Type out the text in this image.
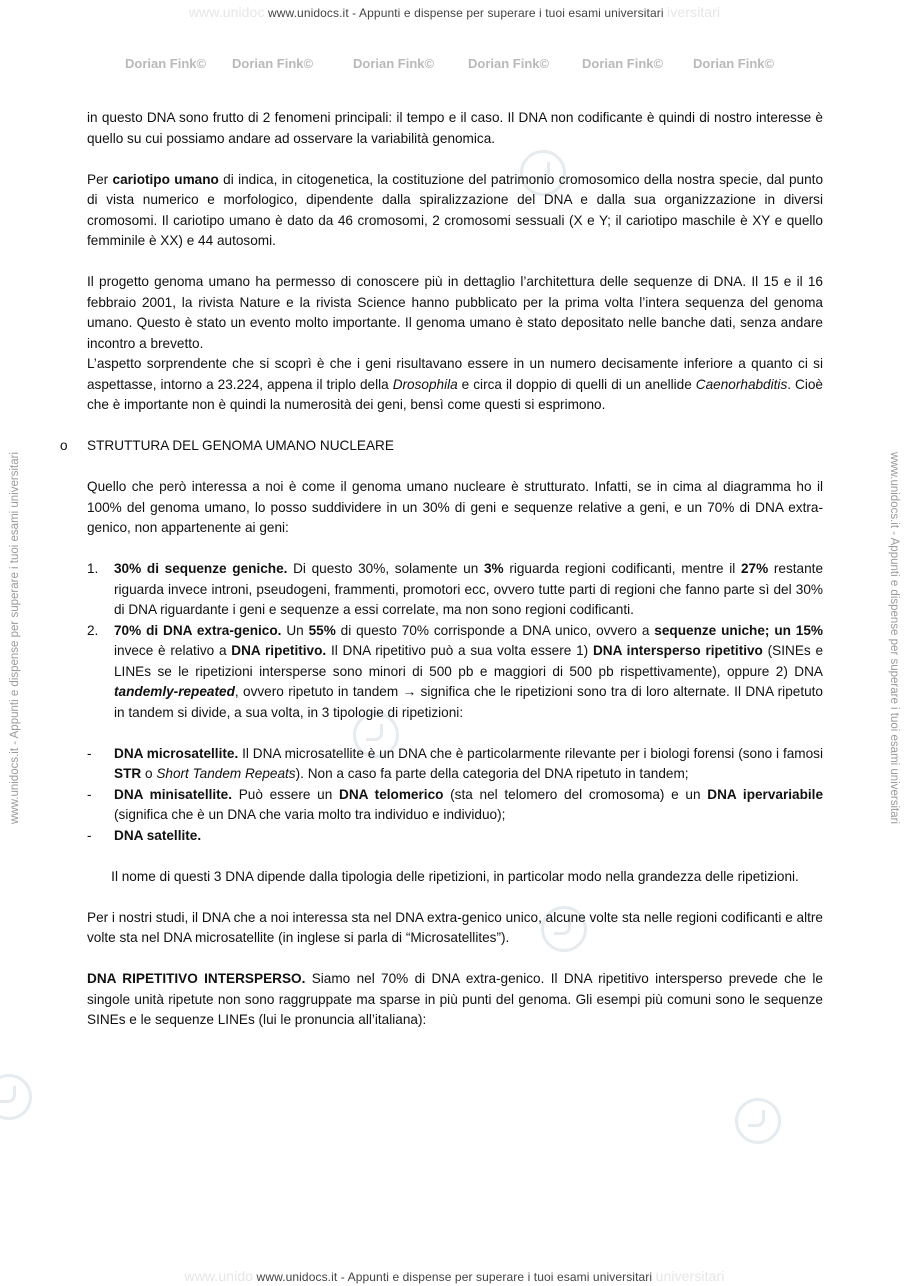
www.unidoc www.unidocs.it - Appunti e dispense per superare i tuoi esami universitari iversitari
Dorian Fink© Dorian Fink©	Dorian Fink©	Dorian Fink©	Dorian Fink© Dorian Fink©
www.unidocs.it - Appunti e dispense per superare i tuoi esami universitari	www.unidocs.it - Appunti e dispense per superare i tuoi esami universitari

in questo DNA sono frutto di 2 fenomeni principali: il tempo e il caso. Il DNA non codificante è quindi di nostro interesse è quello su cui possiamo andare ad osservare la variabilità genomica.

Per cariotipo umano di indica, in citogenetica, la costituzione del patrimonio cromosomico della nostra specie, dal punto di vista numerico e morfologico, dipendente dalla spiralizzazione del DNA e dalla sua organizzazione in diversi cromosomi. Il cariotipo umano è dato da 46 cromosomi, 2 cromosomi sessuali (X e Y; il cariotipo maschile è XY e quello femminile è XX) e 44 autosomi.

Il progetto genoma umano ha permesso di conoscere più in dettaglio l’architettura delle sequenze di DNA. Il 15 e il 16 febbraio 2001, la rivista Nature e la rivista Science hanno pubblicato per la prima volta l’intera sequenza del genoma umano. Questo è stato un evento molto importante. Il genoma umano è stato depositato nelle banche dati, senza andare incontro a brevetto.

L’aspetto sorprendente che si scoprì è che i geni risultavano essere in un numero decisamente inferiore a quanto ci si aspettasse, intorno a 23.224, appena il triplo della Drosophila e circa il doppio di quelli di un anellide Caenorhabditis. Cioè che è importante non è quindi la numerosità dei geni, bensì come questi si esprimono.

o STRUTTURA DEL GENOMA UMANO NUCLEARE

Quello che però interessa a noi è come il genoma umano nucleare è strutturato. Infatti, se in cima al diagramma ho il 100% del genoma umano, lo posso suddividere in un 30% di geni e sequenze relative a geni, e un 70% di DNA extra-genico, non appartenente ai geni:

1. 30% di sequenze geniche. Di questo 30%, solamente un 3% riguarda regioni codificanti, mentre il 27% restante riguarda invece introni, pseudogeni, frammenti, promotori ecc, ovvero tutte parti di regioni che fanno parte sì del 30% di DNA riguardante i geni e sequenze a essi correlate, ma non sono regioni codificanti.
2. 70% di DNA extra-genico. Un 55% di questo 70% corrisponde a DNA unico, ovvero a sequenze uniche; un 15% invece è relativo a DNA ripetitivo. Il DNA ripetitivo può a sua volta essere 1) DNA intersperso ripetitivo (SINEs e LINEs se le ripetizioni intersperse sono minori di 500 pb e maggiori di 500 pb rispettivamente), oppure 2) DNA tandemly-repeated, ovvero ripetuto in tandem → significa che le ripetizioni sono tra di loro alternate. Il DNA ripetuto in tandem si divide, a sua volta, in 3 tipologie di ripetizioni:
- DNA microsatellite. Il DNA microsatellite è un DNA che è particolarmente rilevante per i biologi forensi (sono i famosi STR o Short Tandem Repeats). Non a caso fa parte della categoria del DNA ripetuto in tandem;
- DNA minisatellite. Può essere un DNA telomerico (sta nel telomero del cromosoma) e un DNA ipervariabile (significa che è un DNA che varia molto tra individuo e individuo);
- DNA satellite.

Il nome di questi 3 DNA dipende dalla tipologia delle ripetizioni, in particolar modo nella grandezza delle ripetizioni.

Per i nostri studi, il DNA che a noi interessa sta nel DNA extra-genico unico, alcune volte sta nelle regioni codificanti e altre volte sta nel DNA microsatellite (in inglese si parla di “Microsatellites”).

DNA RIPETITIVO INTERSPERSO. Siamo nel 70% di DNA extra-genico. Il DNA ripetitivo intersperso prevede che le singole unità ripetute non sono raggruppate ma sparse in più punti del genoma. Gli esempi più comuni sono le sequenze SINEs e le sequenze LINEs (lui le pronuncia all’italiana):

www.unido www.unidocs.it - Appunti e dispense per superare i tuoi esami universitari universitari
